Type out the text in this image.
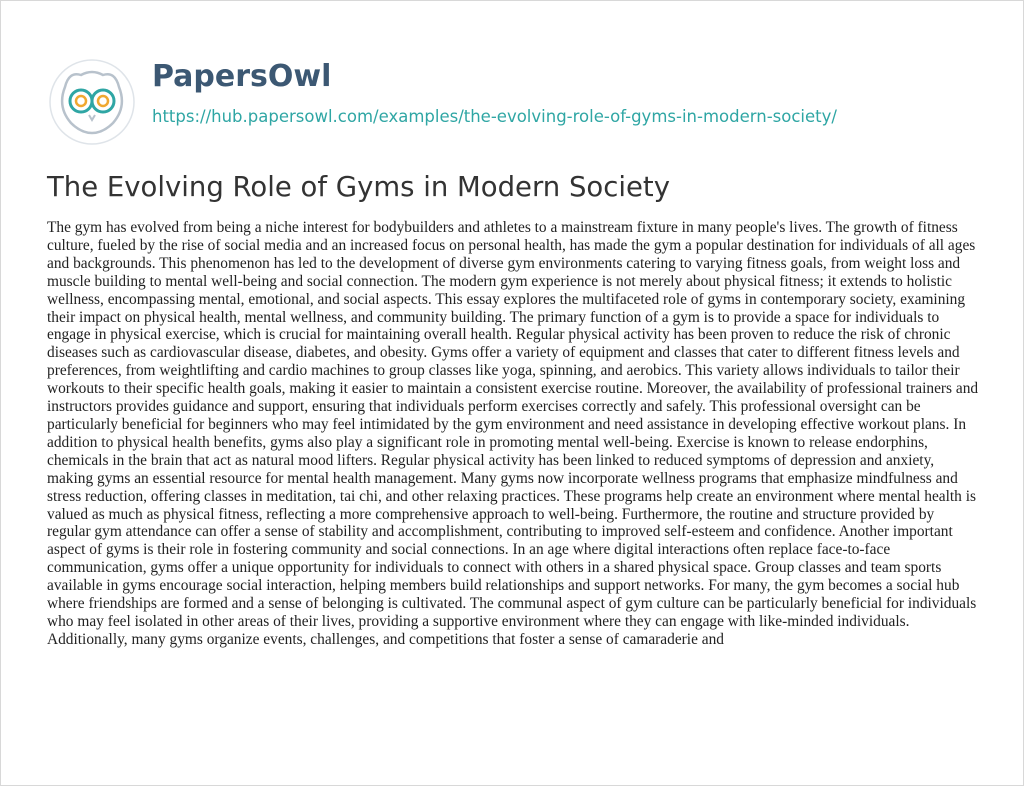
PapersOwl
https://hub.papersowl.com/examples/the-evolving-role-of-gyms-in-modern-society/
The Evolving Role of Gyms in Modern Society

The gym has evolved from being a niche interest for bodybuilders and athletes to a mainstream fixture in many people's lives. The growth of fitness culture, fueled by the rise of social media and an increased focus on personal health, has made the gym a popular destination for individuals of all ages and backgrounds. This phenomenon has led to the development of diverse gym environments catering to varying fitness goals, from weight loss and muscle building to mental well-being and social connection. The modern gym experience is not merely about physical fitness; it extends to holistic wellness, encompassing mental, emotional, and social aspects. This essay explores the multifaceted role of gyms in contemporary society, examining their impact on physical health, mental wellness, and community building. The primary function of a gym is to provide a space for individuals to engage in physical exercise, which is crucial for maintaining overall health. Regular physical activity has been proven to reduce the risk of chronic diseases such as cardiovascular disease, diabetes, and obesity. Gyms offer a variety of equipment and classes that cater to different fitness levels and preferences, from weightlifting and cardio machines to group classes like yoga, spinning, and aerobics. This variety allows individuals to tailor their workouts to their specific health goals, making it easier to maintain a consistent exercise routine. Moreover, the availability of professional trainers and instructors provides guidance and support, ensuring that individuals perform exercises correctly and safely. This professional oversight can be particularly beneficial for beginners who may feel intimidated by the gym environment and need assistance in developing effective workout plans. In addition to physical health benefits, gyms also play a significant role in promoting mental well-being. Exercise is known to release endorphins, chemicals in the brain that act as natural mood lifters. Regular physical activity has been linked to reduced symptoms of depression and anxiety, making gyms an essential resource for mental health management. Many gyms now incorporate wellness programs that emphasize mindfulness and stress reduction, offering classes in meditation, tai chi, and other relaxing practices. These programs help create an environment where mental health is valued as much as physical fitness, reflecting a more comprehensive approach to well-being. Furthermore, the routine and structure provided by regular gym attendance can offer a sense of stability and accomplishment, contributing to improved self-esteem and confidence. Another important aspect of gyms is their role in fostering community and social connections. In an age where digital interactions often replace face-to-face communication, gyms offer a unique opportunity for individuals to connect with others in a shared physical space. Group classes and team sports available in gyms encourage social interaction, helping members build relationships and support networks. For many, the gym becomes a social hub where friendships are formed and a sense of belonging is cultivated. The communal aspect of gym culture can be particularly beneficial for individuals who may feel isolated in other areas of their lives, providing a supportive environment where they can engage with like-minded individuals. Additionally, many gyms organize events, challenges, and competitions that foster a sense of camaraderie and
